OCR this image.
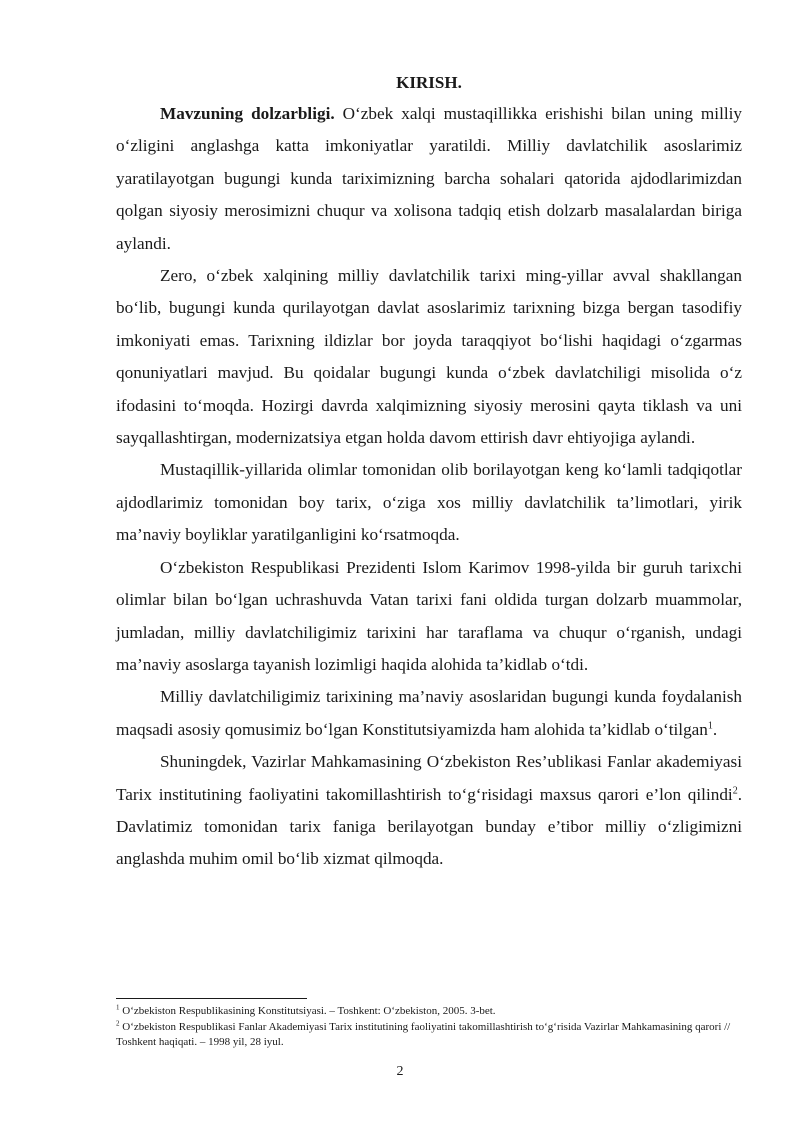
KIRISH.

Mavzuning dolzarbligi. O‘zbek xalqi mustaqillikka erishishi bilan uning milliy o‘zligini anglashga katta imkoniyatlar yaratildi. Milliy davlatchilik asoslarimiz yaratilayotgan bugungi kunda tariximizning barcha sohalari qatorida ajdodlarimizdan qolgan siyosiy merosimizni chuqur va xolisona tadqiq etish dolzarb masalalardan biriga aylandi.

Zero, o‘zbek xalqining milliy davlatchilik tarixi ming-yillar avval shakllangan bo‘lib, bugungi kunda qurilayotgan davlat asoslarimiz tarixning bizga bergan tasodifiy imkoniyati emas. Tarixning ildizlar bor joyda taraqqiyot bo‘lishi haqidagi o‘zgarmas qonuniyatlari mavjud. Bu qoidalar bugungi kunda o‘zbek davlatchiligi misolida o‘z ifodasini to‘moqda. Hozirgi davrda xalqimizning siyosiy merosini qayta tiklash va uni sayqallashtirgan, modernizatsiya etgan holda davom ettirish davr ehtiyojiga aylandi.

Mustaqillik-yillarida olimlar tomonidan olib borilayotgan keng ko‘lamli tadqiqotlar ajdodlarimiz tomonidan boy tarix, o‘ziga xos milliy davlatchilik ta’limotlari, yirik ma’naviy boyliklar yaratilganligini ko‘rsatmoqda.

O‘zbekiston Respublikasi Prezidenti Islom Karimov 1998-yilda bir guruh tarixchi olimlar bilan bo‘lgan uchrashuvda Vatan tarixi fani oldida turgan dolzarb muammolar, jumladan, milliy davlatchiligimiz tarixini har taraflama va chuqur o‘rganish, undagi ma’naviy asoslarga tayanish lozimligi haqida alohida ta’kidlab o‘tdi.

Milliy davlatchiligimiz tarixining ma’naviy asoslaridan bugungi kunda foydalanish maqsadi asosiy qomusimiz bo‘lgan Konstitutsiyamizda ham alohida ta’kidlab o‘tilgan$^1$.

Shuningdek, Vazirlar Mahkamasining O‘zbekiston Res’ublikasi Fanlar akademiyasi Tarix institutining faoliyatini takomillashtirish to‘g‘risidagi maxsus qarori e’lon qilindi$^2$. Davlatimiz tomonidan tarix faniga berilayotgan bunday e’tibor milliy o‘zligimizni anglashda muhim omil bo‘lib xizmat qilmoqda.

$^1$ O‘zbekiston Respublikasining Konstitutsiyasi. – Toshkent: O‘zbekiston, 2005. 3-bet.

$^2$ O‘zbekiston Respublikasi Fanlar Akademiyasi Tarix institutining faoliyatini takomillashtirish to‘g‘risida Vazirlar Mahkamasining qarori // Toshkent haqiqati. – 1998 yil, 28 iyul.

2
